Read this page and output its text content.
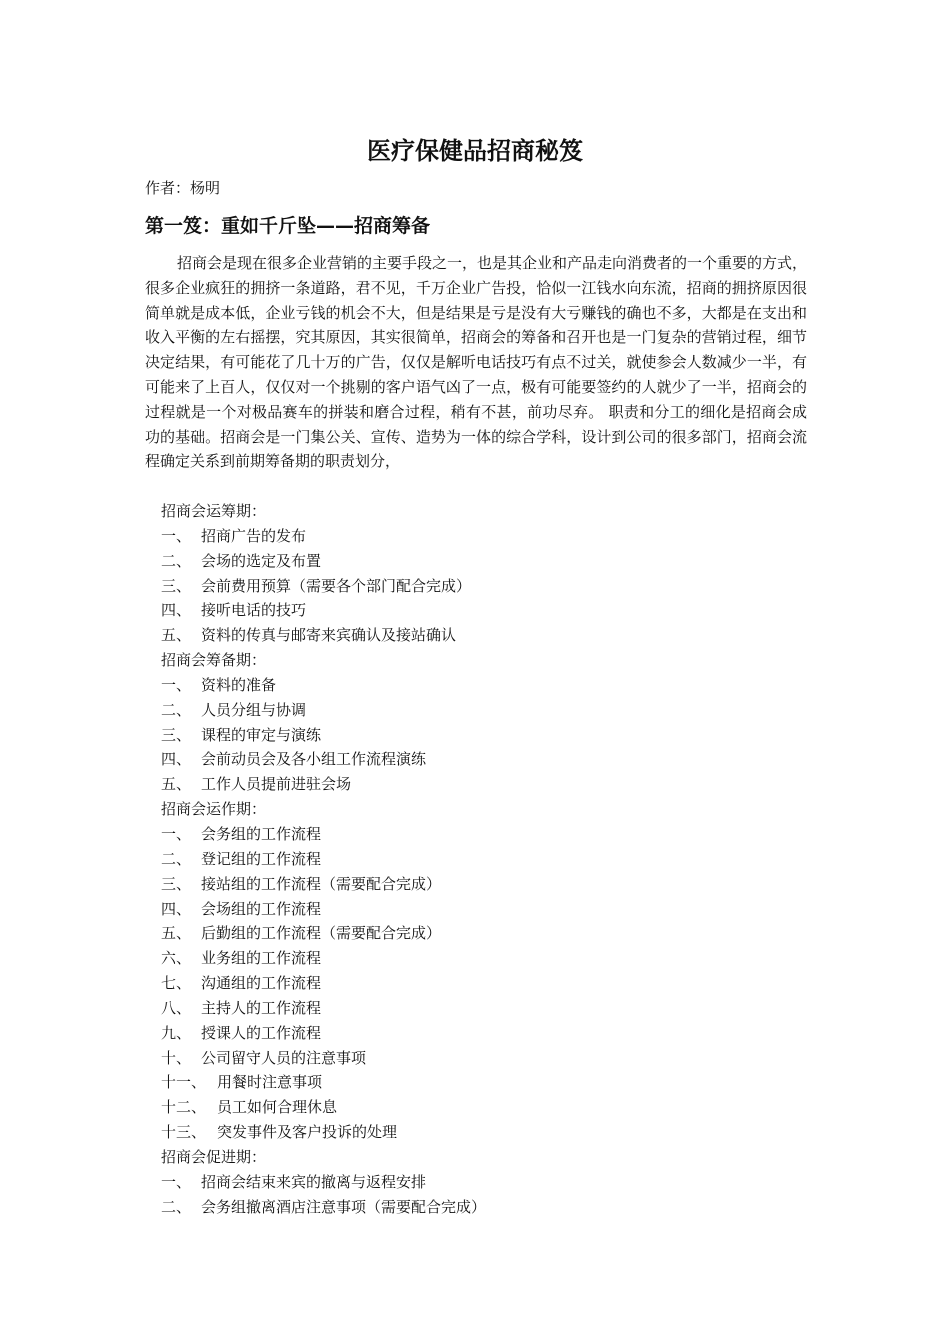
医疗保健品招商秘笈

作者：杨明

第一笈：重如千斤坠——招商筹备

招商会是现在很多企业营销的主要手段之一，也是其企业和产品走向消费者的一个重要的方式，很多企业疯狂的拥挤一条道路，君不见，千万企业广告投，恰似一江钱水向东流，招商的拥挤原因很简单就是成本低，企业亏钱的机会不大，但是结果是亏是没有大亏赚钱的确也不多，大都是在支出和收入平衡的左右摇摆，究其原因，其实很简单，招商会的筹备和召开也是一门复杂的营销过程，细节决定结果，有可能花了几十万的广告，仅仅是解听电话技巧有点不过关，就使参会人数减少一半，有可能来了上百人，仅仅对一个挑剔的客户语气凶了一点，极有可能要签约的人就少了一半，招商会的过程就是一个对极品赛车的拼装和磨合过程，稍有不甚，前功尽弃。 职责和分工的细化是招商会成功的基础。招商会是一门集公关、宣传、造势为一体的综合学科，设计到公司的很多部门，招商会流程确定关系到前期筹备期的职责划分，

招商会运筹期：
一、 招商广告的发布
二、 会场的选定及布置
三、 会前费用预算（需要各个部门配合完成）
四、 接听电话的技巧
五、 资料的传真与邮寄来宾确认及接站确认
招商会筹备期：
一、 资料的准备
二、 人员分组与协调
三、 课程的审定与演练
四、 会前动员会及各小组工作流程演练
五、 工作人员提前进驻会场
招商会运作期：
一、 会务组的工作流程
二、 登记组的工作流程
三、 接站组的工作流程（需要配合完成）
四、 会场组的工作流程
五、 后勤组的工作流程（需要配合完成）
六、 业务组的工作流程
七、 沟通组的工作流程
八、 主持人的工作流程
九、 授课人的工作流程
十、 公司留守人员的注意事项
十一、 用餐时注意事项
十二、 员工如何合理休息
十三、 突发事件及客户投诉的处理
招商会促进期：
一、 招商会结束来宾的撤离与返程安排
二、 会务组撤离酒店注意事项（需要配合完成）
